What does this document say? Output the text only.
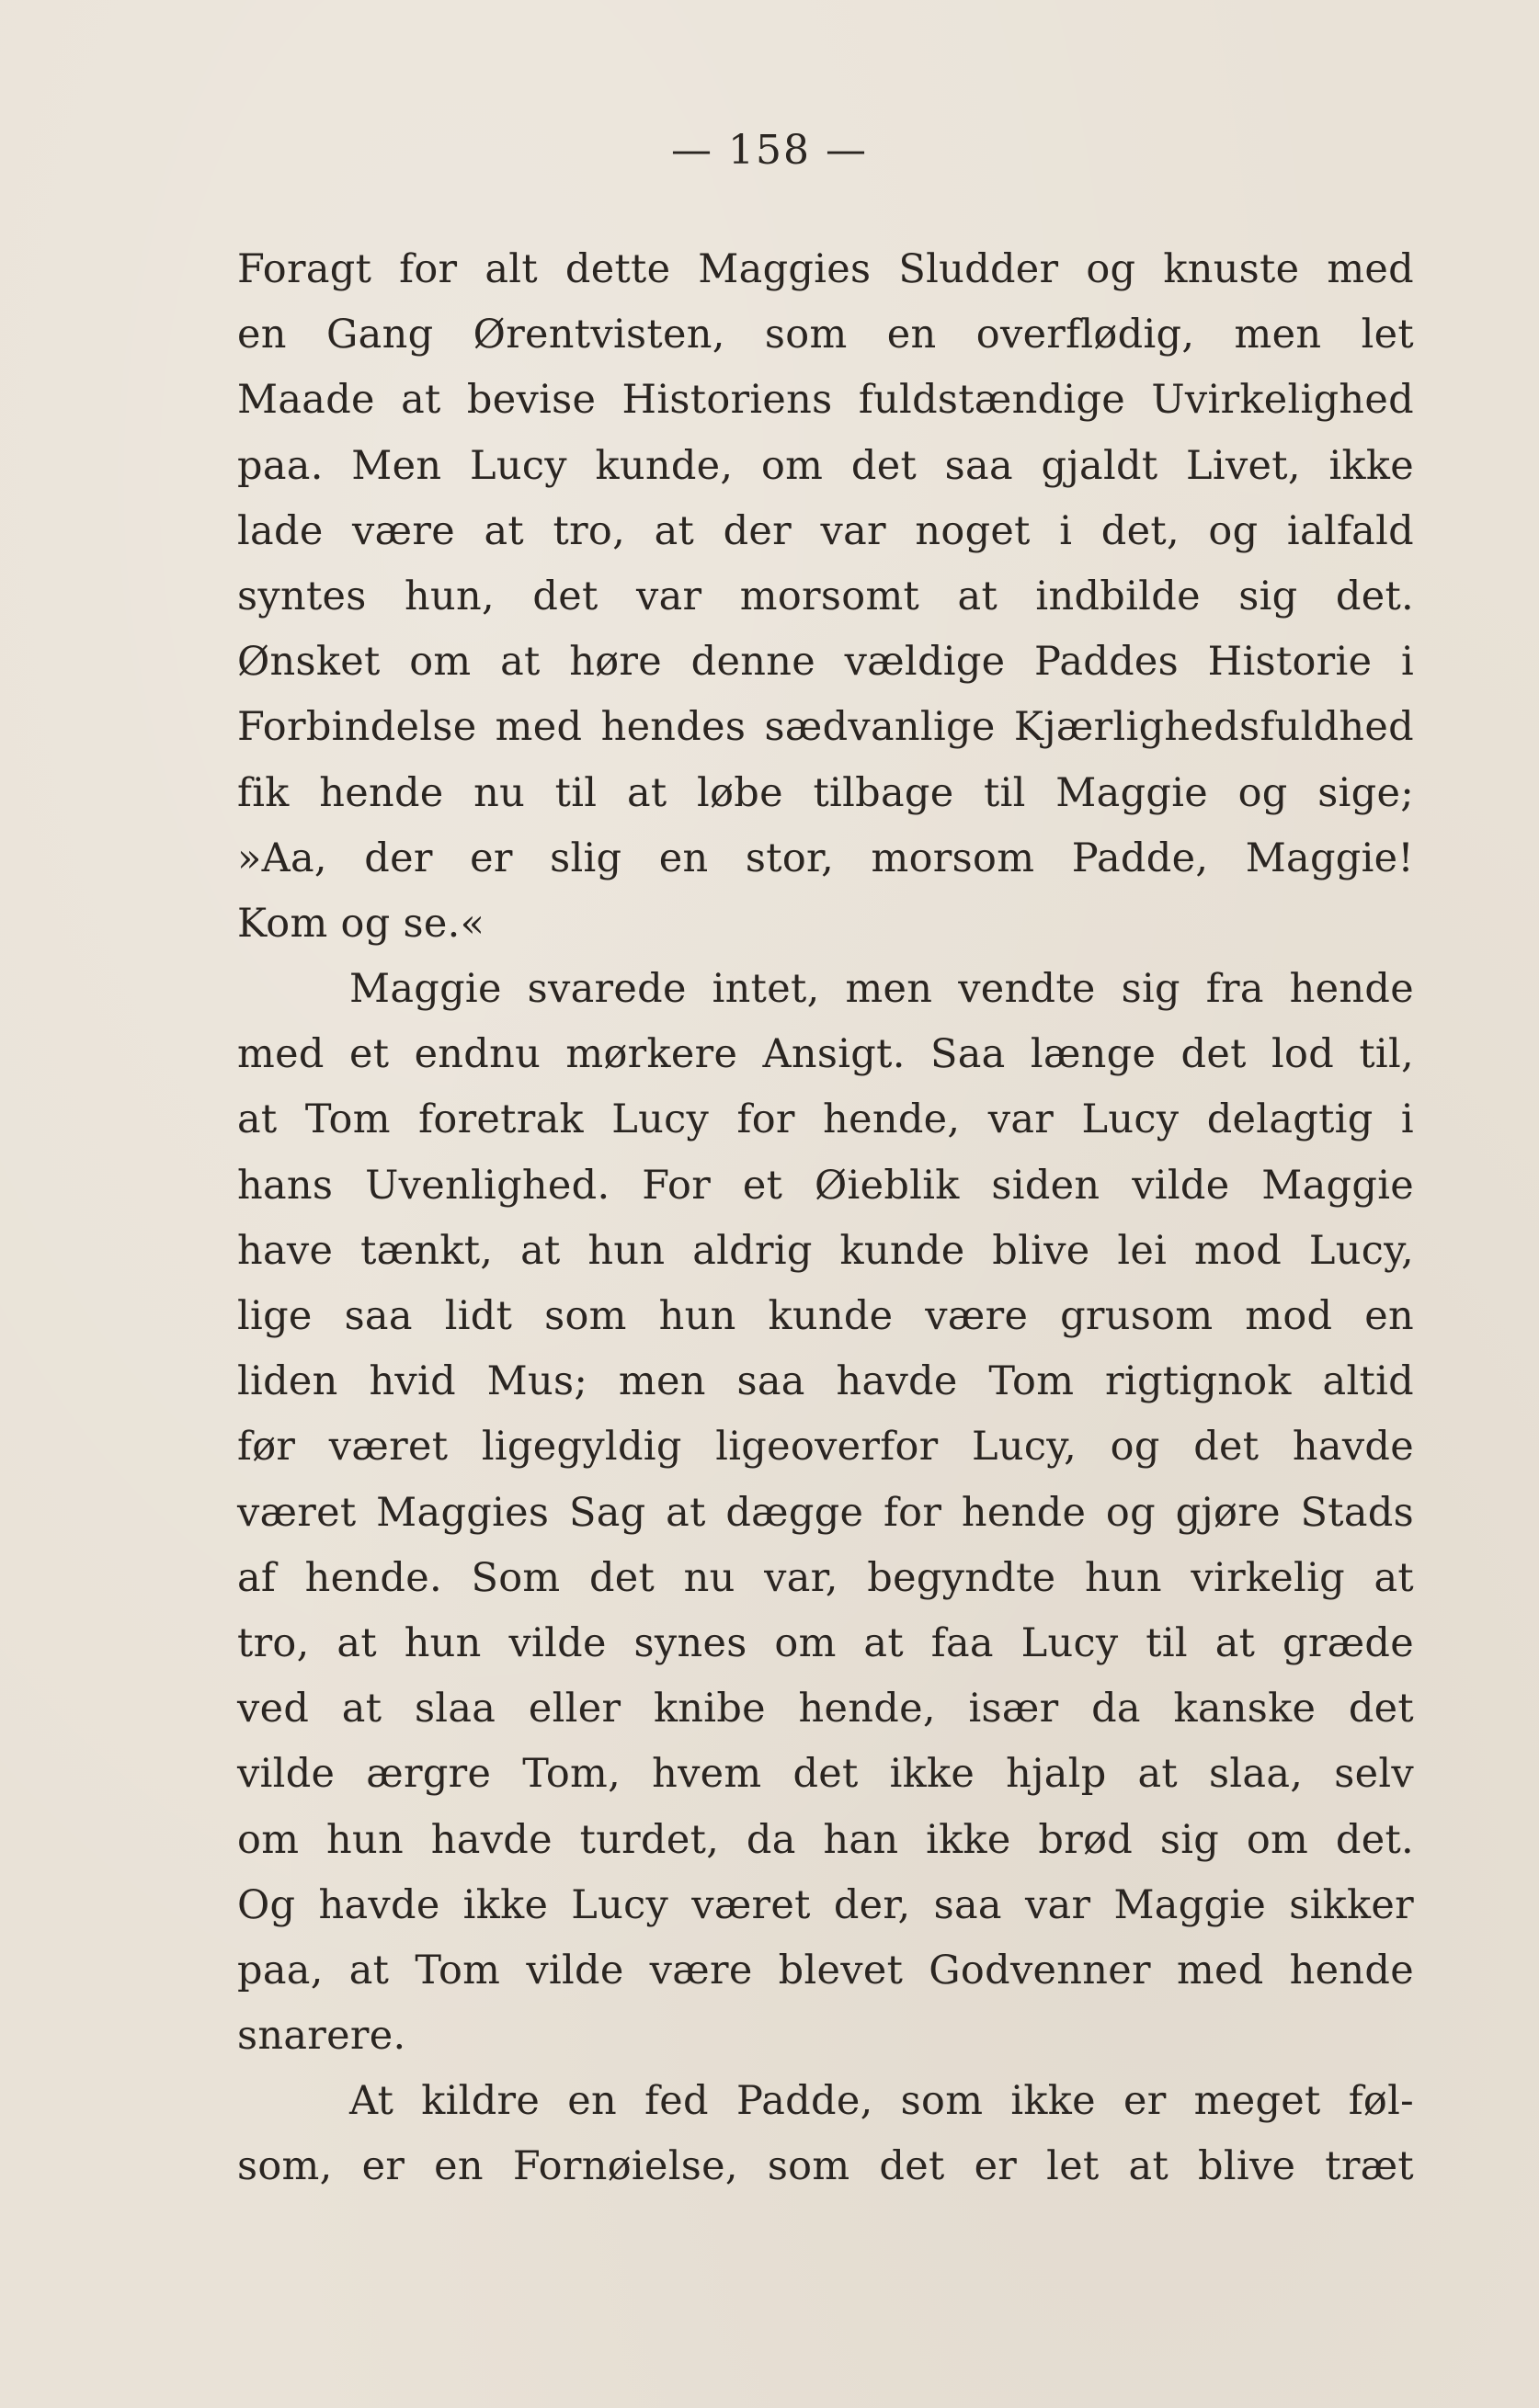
— 158 —
Foragt for alt dette Maggies Sludder og knuste med
en Gang Ørentvisten, som en overflødig, men let
Maade at bevise Historiens fuldstændige Uvirkelighed
paa. Men Lucy kunde, om det saa gjaldt Livet, ikke
lade være at tro, at der var noget i det, og ialfald
syntes hun, det var morsomt at indbilde sig det.
Ønsket om at høre denne vældige Paddes Historie i
Forbindelse med hendes sædvanlige Kjærlighedsfuldhed
fik hende nu til at løbe tilbage til Maggie og sige;
»Aa, der er slig en stor, morsom Padde, Maggie!
Kom og se.«
Maggie svarede intet, men vendte sig fra hende
med et endnu mørkere Ansigt. Saa længe det lod til,
at Tom foretrak Lucy for hende, var Lucy delagtig i
hans Uvenlighed. For et Øieblik siden vilde Maggie
have tænkt, at hun aldrig kunde blive lei mod Lucy,
lige saa lidt som hun kunde være grusom mod en
liden hvid Mus; men saa havde Tom rigtignok altid
før været ligegyldig ligeoverfor Lucy, og det havde
været Maggies Sag at dægge for hende og gjøre Stads
af hende. Som det nu var, begyndte hun virkelig at
tro, at hun vilde synes om at faa Lucy til at græde
ved at slaa eller knibe hende, især da kanske det
vilde ærgre Tom, hvem det ikke hjalp at slaa, selv
om hun havde turdet, da han ikke brød sig om det.
Og havde ikke Lucy været der, saa var Maggie sikker
paa, at Tom vilde være blevet Godvenner med hende
snarere.
At kildre en fed Padde, som ikke er meget føl-
som, er en Fornøielse, som det er let at blive træt
